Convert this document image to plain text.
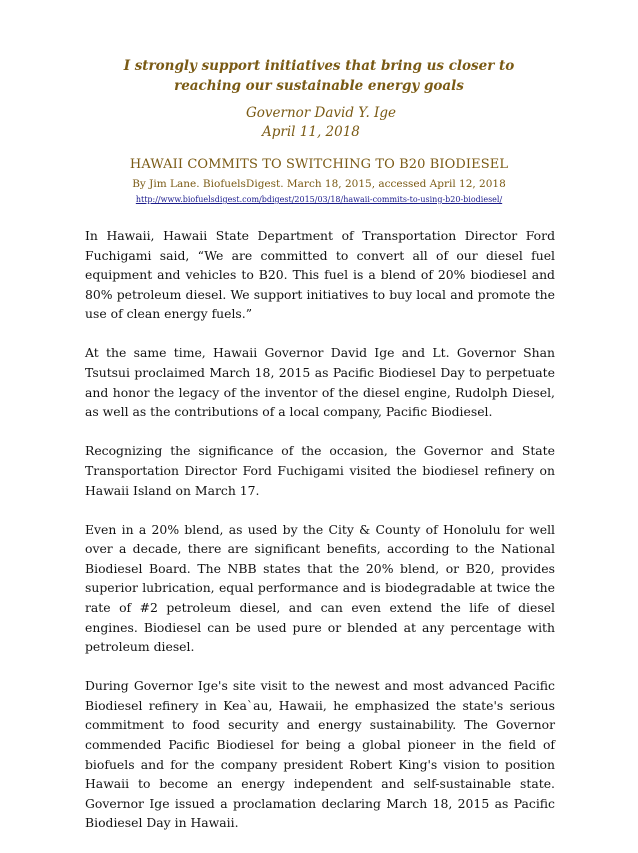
I strongly support initiatives that bring us closer to reaching our sustainable energy goals
Governor David Y. Ige
April 11, 2018
HAWAII COMMITS TO SWITCHING TO B20 BIODIESEL
By Jim Lane. BiofuelsDigest. March 18, 2015, accessed April 12, 2018
http://www.biofuelsdigest.com/bdigest/2015/03/18/hawaii-commits-to-using-b20-biodiesel/

In Hawaii, Hawaii State Department of Transportation Director Ford Fuchigami said, “We are committed to convert all of our diesel fuel equipment and vehicles to B20. This fuel is a blend of 20% biodiesel and 80% petroleum diesel. We support initiatives to buy local and promote the use of clean energy fuels.”

At the same time, Hawaii Governor David Ige and Lt. Governor Shan Tsutsui proclaimed March 18, 2015 as Pacific Biodiesel Day to perpetuate and honor the legacy of the inventor of the diesel engine, Rudolph Diesel, as well as the contributions of a local company, Pacific Biodiesel.

Recognizing the significance of the occasion, the Governor and State Transportation Director Ford Fuchigami visited the biodiesel refinery on Hawaii Island on March 17.

Even in a 20% blend, as used by the City & County of Honolulu for well over a decade, there are significant benefits, according to the National Biodiesel Board. The NBB states that the 20% blend, or B20, provides superior lubrication, equal performance and is biodegradable at twice the rate of #2 petroleum diesel, and can even extend the life of diesel engines. Biodiesel can be used pure or blended at any percentage with petroleum diesel.

During Governor Ige's site visit to the newest and most advanced Pacific Biodiesel refinery in Kea`au, Hawaii, he emphasized the state's serious commitment to food security and energy sustainability. The Governor commended Pacific Biodiesel for being a global pioneer in the field of biofuels and for the company president Robert King's vision to position Hawaii to become an energy independent and self-sustainable state. Governor Ige issued a proclamation declaring March 18, 2015 as Pacific Biodiesel Day in Hawaii.
